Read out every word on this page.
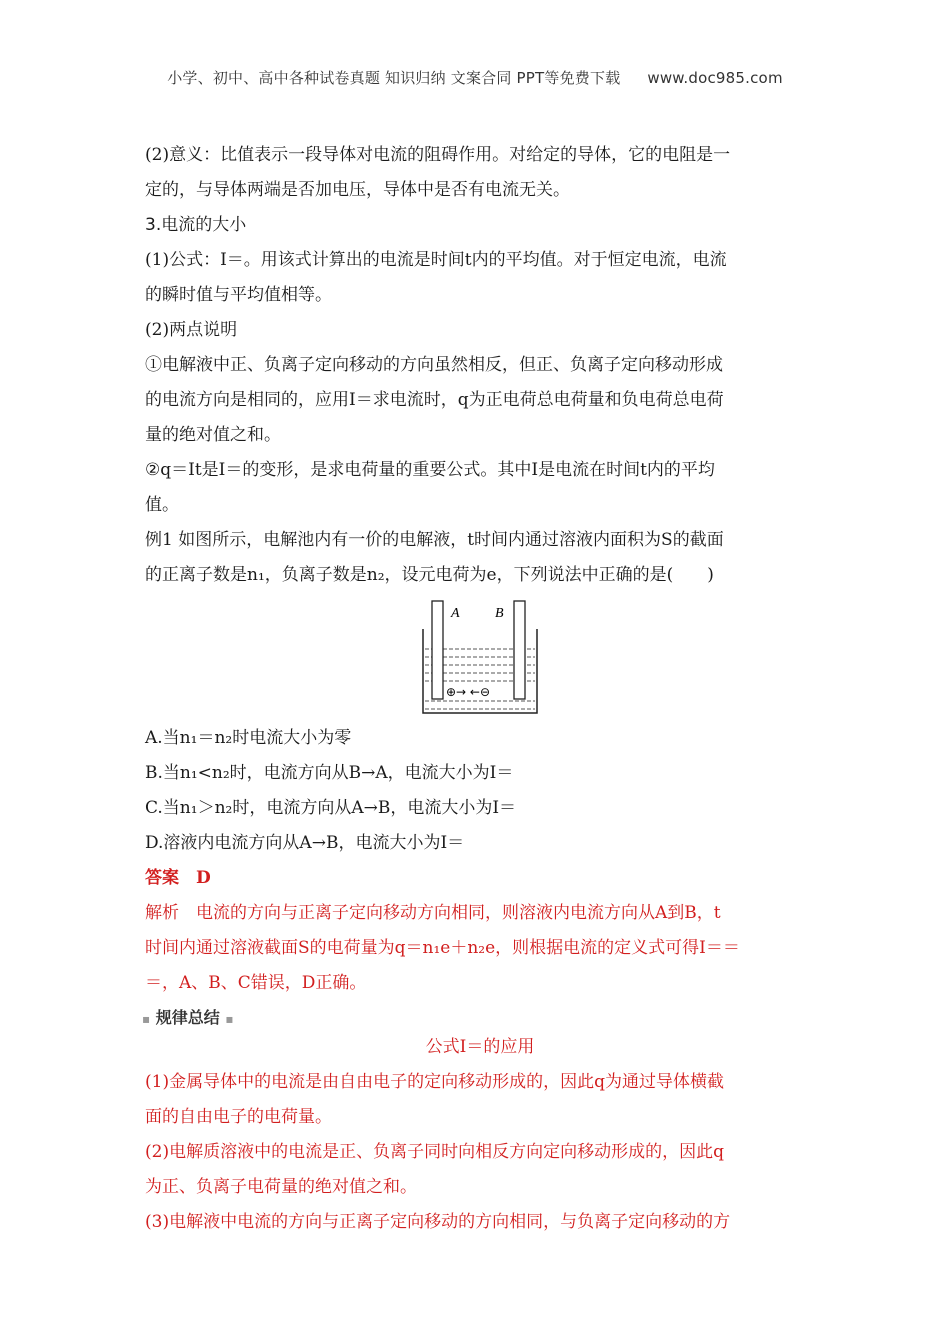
小学、初中、高中各种试卷真题 知识归纳 文案合同 PPT等免费下载 www.doc985.com

(2)意义：比值表示一段导体对电流的阻碍作用。对给定的导体，它的电阻是一

定的，与导体两端是否加电压，导体中是否有电流无关。

3.电流的大小

(1)公式：I＝。用该式计算出的电流是时间t内的平均值。对于恒定电流，电流

的瞬时值与平均值相等。

(2)两点说明

①电解液中正、负离子定向移动的方向虽然相反，但正、负离子定向移动形成

的电流方向是相同的，应用I＝求电流时，q为正电荷总电荷量和负电荷总电荷

量的绝对值之和。

②q＝It是I＝的变形，是求电荷量的重要公式。其中I是电流在时间t内的平均

值。

例1 如图所示，电解池内有一价的电解液，t时间内通过溶液内面积为S的截面

的正离子数是n₁，负离子数是n₂，设元电荷为e，下列说法中正确的是(　　)

A	B
⊕→ ←⊖

A.当n₁＝n₂时电流大小为零

B.当n₁<n₂时，电流方向从B→A，电流大小为I＝

C.当n₁＞n₂时，电流方向从A→B，电流大小为I＝

D.溶液内电流方向从A→B，电流大小为I＝

答案　D

解析　电流的方向与正离子定向移动方向相同，则溶液内电流方向从A到B，t

时间内通过溶液截面S的电荷量为q＝n₁e＋n₂e，则根据电流的定义式可得I＝＝

＝，A、B、C错误，D正确。

▪ 规律总结 ▪

公式I＝的应用

(1)金属导体中的电流是由自由电子的定向移动形成的，因此q为通过导体横截

面的自由电子的电荷量。

(2)电解质溶液中的电流是正、负离子同时向相反方向定向移动形成的，因此q

为正、负离子电荷量的绝对值之和。

(3)电解液中电流的方向与正离子定向移动的方向相同，与负离子定向移动的方
